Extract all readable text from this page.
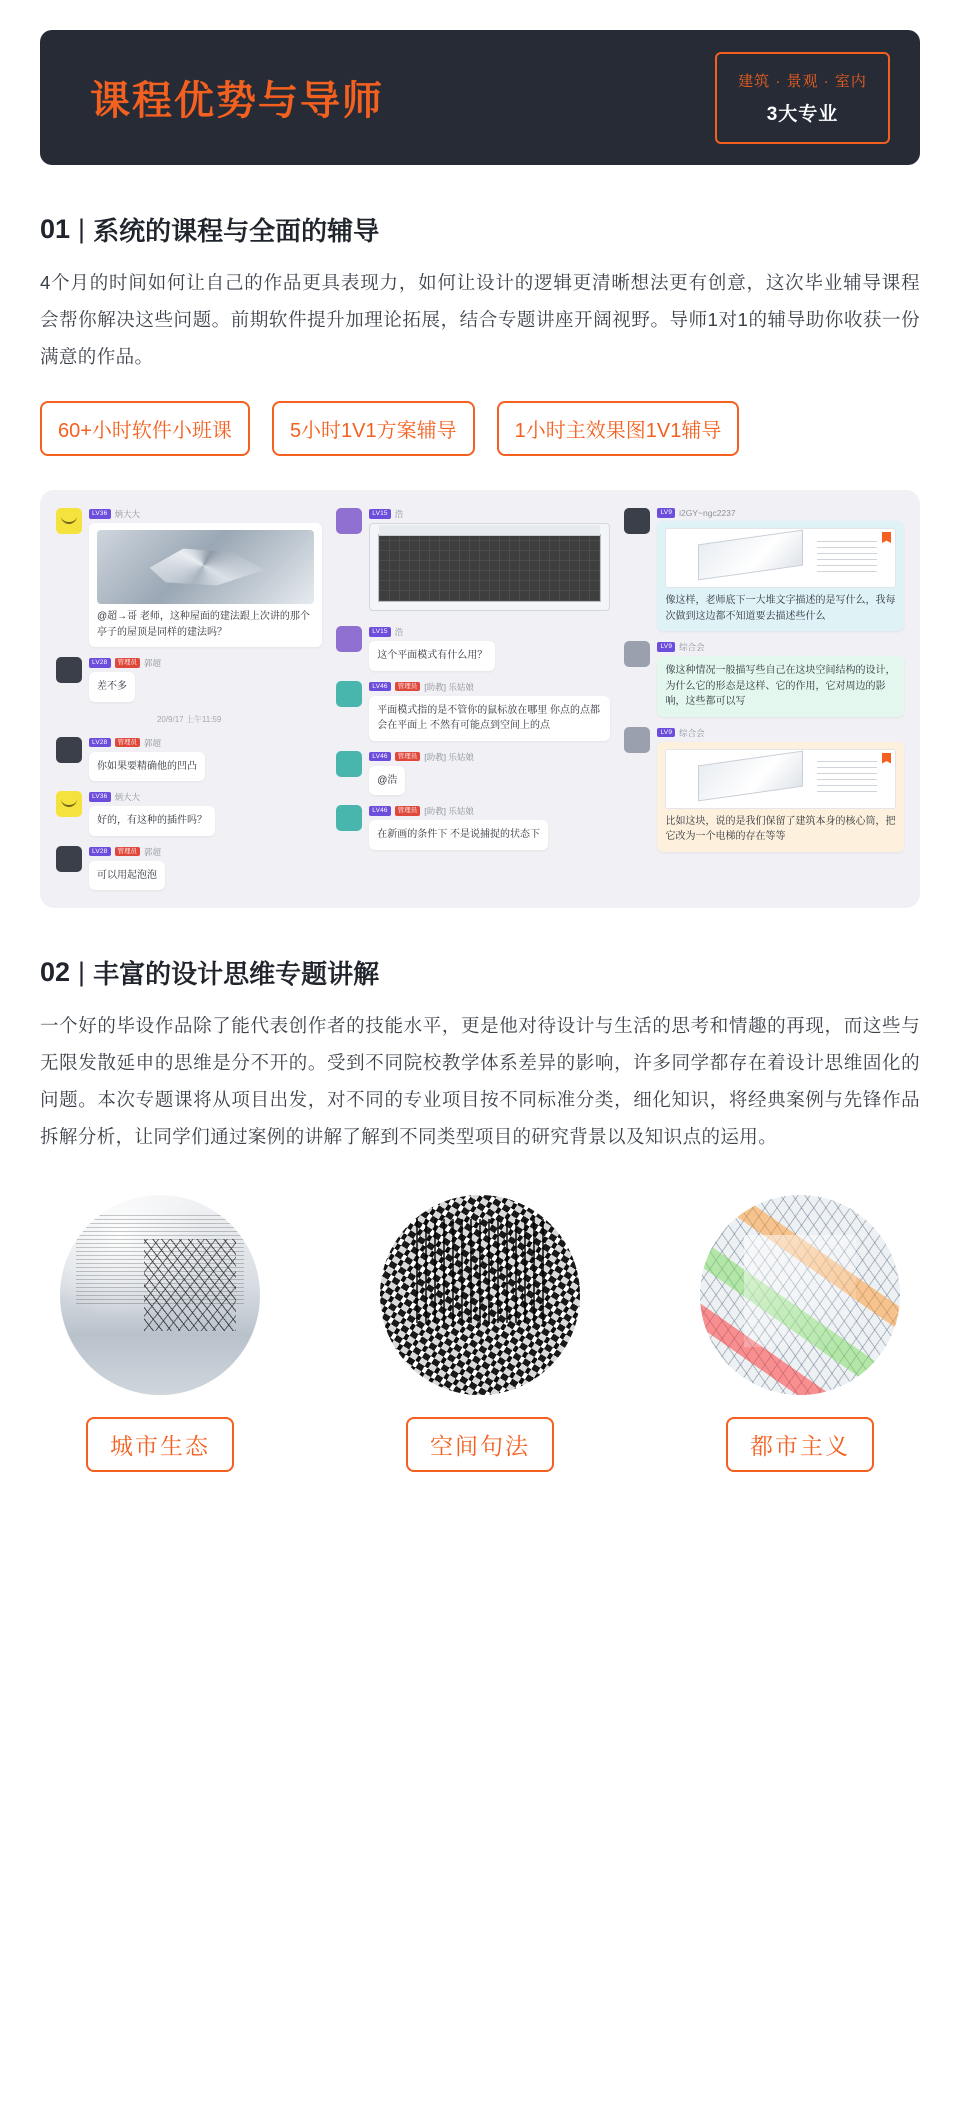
课程优势与导师	建筑 · 景观 · 室内
3大专业
01 | 系统的课程与全面的辅导
4个月的时间如何让自己的作品更具表现力，如何让设计的逻辑更清晰想法更有创意，这次毕业辅导课程会帮你解决这些问题。前期软件提升加理论拓展，结合专题讲座开阔视野。导师1对1的辅导助你收获一份满意的作品。
60+小时软件小班课	5小时1V1方案辅导	1小时主效果图1V1辅导
LV36 炳大大
@超→哥 老师，这种屋面的建法跟上次讲的那个亭子的屋顶是同样的建法吗？
LV28	管理员 郭超
差不多
20/9/17 上午11:59
LV28	管理员 郭超
你如果要精确他的凹凸
LV36 炳大大
好的，有这种的插件吗？
LV28	管理员 郭超
可以用起泡泡
LV15 浩
LV15 浩
这个平面模式有什么用？
LV46	管理员 [助教] 乐姑娘
平面模式指的是不管你的鼠标放在哪里 你点的点都会在平面上 不然有可能点到空间上的点
LV46	管理员 [助教] 乐姑娘
@浩
LV46	管理员 [助教] 乐姑娘
在新画的条件下 不是说捕捉的状态下
LV9 i2GY~ngc2237
像这样，老师底下一大堆文字描述的是写什么，我每次做到这边都不知道要去描述些什么
LV9 综合会
像这种情况一般描写些自己在这块空间结构的设计，为什么它的形态是这样、它的作用，它对周边的影响，这些都可以写
LV9 综合会
比如这块，说的是我们保留了建筑本身的核心筒，把它改为一个电梯的存在等等
02 | 丰富的设计思维专题讲解
一个好的毕设作品除了能代表创作者的技能水平，更是他对待设计与生活的思考和情趣的再现，而这些与无限发散延申的思维是分不开的。受到不同院校教学体系差异的影响，许多同学都存在着设计思维固化的问题。本次专题课将从项目出发，对不同的专业项目按不同标准分类，细化知识，将经典案例与先锋作品拆解分析，让同学们通过案例的讲解了解到不同类型项目的研究背景以及知识点的运用。
城市生态	空间句法	都市主义
